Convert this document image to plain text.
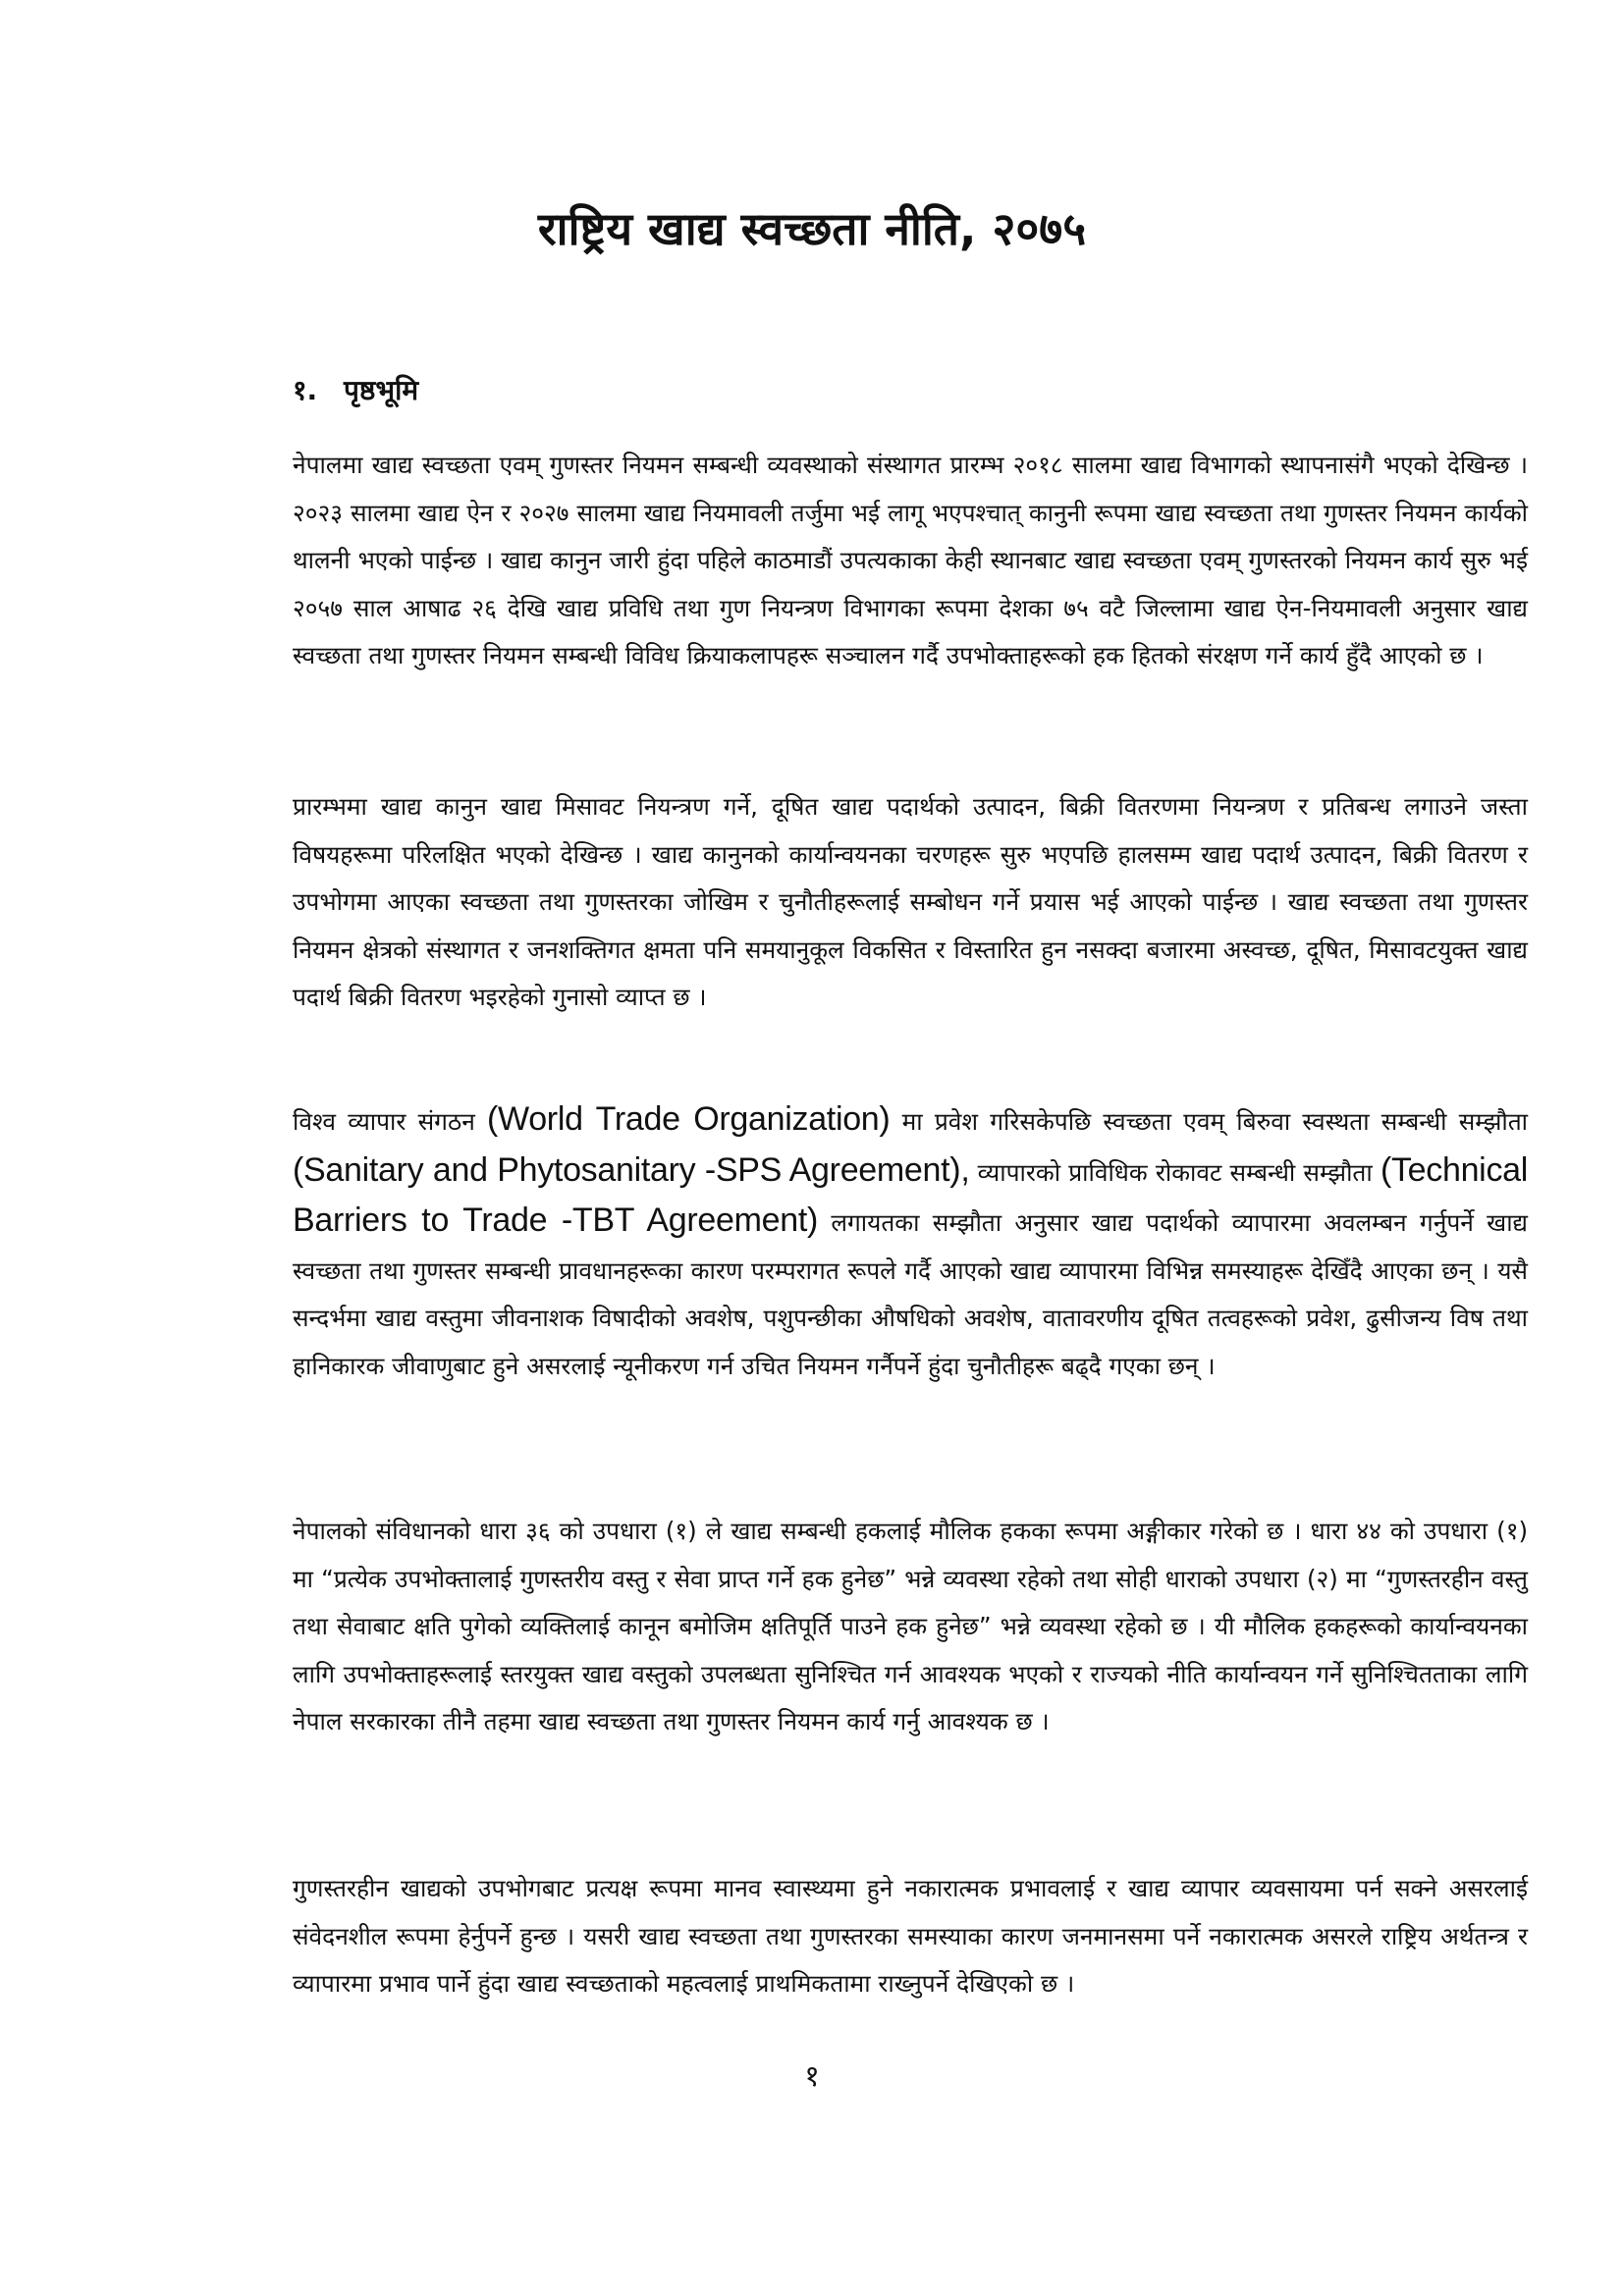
राष्ट्रिय खाद्य स्वच्छता नीति, २०७५
१. पृष्ठभूमि

नेपालमा खाद्य स्वच्छता एवम् गुणस्तर नियमन सम्बन्धी व्यवस्थाको संस्थागत प्रारम्भ २०१८ सालमा खाद्य विभागको स्थापनासंगै भएको देखिन्छ । २०२३ सालमा खाद्य ऐन र २०२७ सालमा खाद्य नियमावली तर्जुमा भई लागू भएपश्चात् कानुनी रूपमा खाद्य स्वच्छता तथा गुणस्तर नियमन कार्यको थालनी भएको पाईन्छ । खाद्य कानुन जारी हुंदा पहिले काठमाडौं उपत्यकाका केही स्थानबाट खाद्य स्वच्छता एवम् गुणस्तरको नियमन कार्य सुरु भई २०५७ साल आषाढ २६ देखि खाद्य प्रविधि तथा गुण नियन्त्रण विभागका रूपमा देशका ७५ वटै जिल्लामा खाद्य ऐन-नियमावली अनुसार खाद्य स्वच्छता तथा गुणस्तर नियमन सम्बन्धी विविध क्रियाकलापहरू सञ्चालन गर्दै उपभोक्ताहरूको हक हितको संरक्षण गर्ने कार्य हुँदै आएको छ ।

प्रारम्भमा खाद्य कानुन खाद्य मिसावट नियन्त्रण गर्ने, दूषित खाद्य पदार्थको उत्पादन, बिक्री वितरणमा नियन्त्रण र प्रतिबन्ध लगाउने जस्ता विषयहरूमा परिलक्षित भएको देखिन्छ । खाद्य कानुनको कार्यान्वयनका चरणहरू सुरु भएपछि हालसम्म खाद्य पदार्थ उत्पादन, बिक्री वितरण र उपभोगमा आएका स्वच्छता तथा गुणस्तरका जोखिम र चुनौतीहरूलाई सम्बोधन गर्ने प्रयास भई आएको पाईन्छ । खाद्य स्वच्छता तथा गुणस्तर नियमन क्षेत्रको संस्थागत र जनशक्तिगत क्षमता पनि समयानुकूल विकसित र विस्तारित हुन नसक्दा बजारमा अस्वच्छ, दूषित, मिसावटयुक्त खाद्य पदार्थ बिक्री वितरण भइरहेको गुनासो व्याप्त छ ।

विश्व व्यापार संगठन (World Trade Organization) मा प्रवेश गरिसकेपछि स्वच्छता एवम् बिरुवा स्वस्थता सम्बन्धी सम्झौता (Sanitary and Phytosanitary -SPS Agreement), व्यापारको प्राविधिक रोकावट सम्बन्धी सम्झौता (Technical Barriers to Trade -TBT Agreement) लगायतका सम्झौता अनुसार खाद्य पदार्थको व्यापारमा अवलम्बन गर्नुपर्ने खाद्य स्वच्छता तथा गुणस्तर सम्बन्धी प्रावधानहरूका कारण परम्परागत रूपले गर्दै आएको खाद्य व्यापारमा विभिन्न समस्याहरू देखिँदै आएका छन् । यसै सन्दर्भमा खाद्य वस्तुमा जीवनाशक विषादीको अवशेष, पशुपन्छीका औषधिको अवशेष, वातावरणीय दूषित तत्वहरूको प्रवेश, ढुसीजन्य विष तथा हानिकारक जीवाणुबाट हुने असरलाई न्यूनीकरण गर्न उचित नियमन गर्नैपर्ने हुंदा चुनौतीहरू बढ्दै गएका छन् ।

नेपालको संविधानको धारा ३६ को उपधारा (१) ले खाद्य सम्बन्धी हकलाई मौलिक हकका रूपमा अङ्गीकार गरेको छ । धारा ४४ को उपधारा (१) मा “प्रत्येक उपभोक्तालाई गुणस्तरीय वस्तु र सेवा प्राप्त गर्ने हक हुनेछ” भन्ने व्यवस्था रहेको तथा सोही धाराको उपधारा (२) मा “गुणस्तरहीन वस्तु तथा सेवाबाट क्षति पुगेको व्यक्तिलाई कानून बमोजिम क्षतिपूर्ति पाउने हक हुनेछ” भन्ने व्यवस्था रहेको छ । यी मौलिक हकहरूको कार्यान्वयनका लागि उपभोक्ताहरूलाई स्तरयुक्त खाद्य वस्तुको उपलब्धता सुनिश्चित गर्न आवश्यक भएको र राज्यको नीति कार्यान्वयन गर्ने सुनिश्चितताका लागि नेपाल सरकारका तीनै तहमा खाद्य स्वच्छता तथा गुणस्तर नियमन कार्य गर्नु आवश्यक छ ।

गुणस्तरहीन खाद्यको उपभोगबाट प्रत्यक्ष रूपमा मानव स्वास्थ्यमा हुने नकारात्मक प्रभावलाई र खाद्य व्यापार व्यवसायमा पर्न सक्ने असरलाई संवेदनशील रूपमा हेर्नुपर्ने हुन्छ । यसरी खाद्य स्वच्छता तथा गुणस्तरका समस्याका कारण जनमानसमा पर्ने नकारात्मक असरले राष्ट्रिय अर्थतन्त्र र व्यापारमा प्रभाव पार्ने हुंदा खाद्य स्वच्छताको महत्वलाई प्राथमिकतामा राख्नुपर्ने देखिएको छ ।

१
